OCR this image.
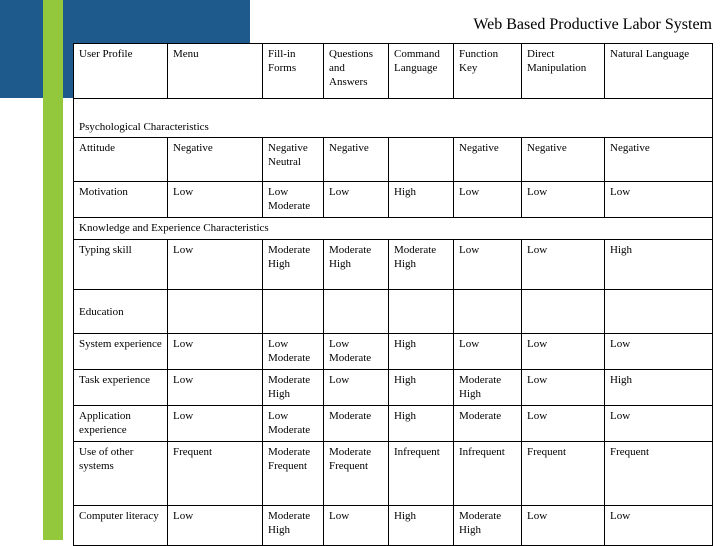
Web Based Productive Labor System
User Profile	Menu	Fill-in Forms	Questions and Answers	Command Language	Function Key	Direct Manipulation	Natural Language
Psychological Characteristics							
Attitude	Negative	Negative Neutral	Negative		Negative	Negative	Negative
Motivation	Low	Low Moderate	Low	High	Low	Low	Low
Knowledge and Experience Characteristics							
Typing skill	Low	Moderate High	Moderate High	Moderate High	Low	Low	High
Education							
System experience	Low	Low Moderate	Low Moderate	High	Low	Low	Low
Task experience	Low	Moderate High	Low	High	Moderate High	Low	High
Application experience	Low	Low Moderate	Moderate	High	Moderate	Low	Low
Use of other systems	Frequent	Moderate Frequent	Moderate Frequent	Infrequent	Infrequent	Frequent	Frequent
Computer literacy	Low	Moderate High	Low	High	Moderate High	Low	Low
